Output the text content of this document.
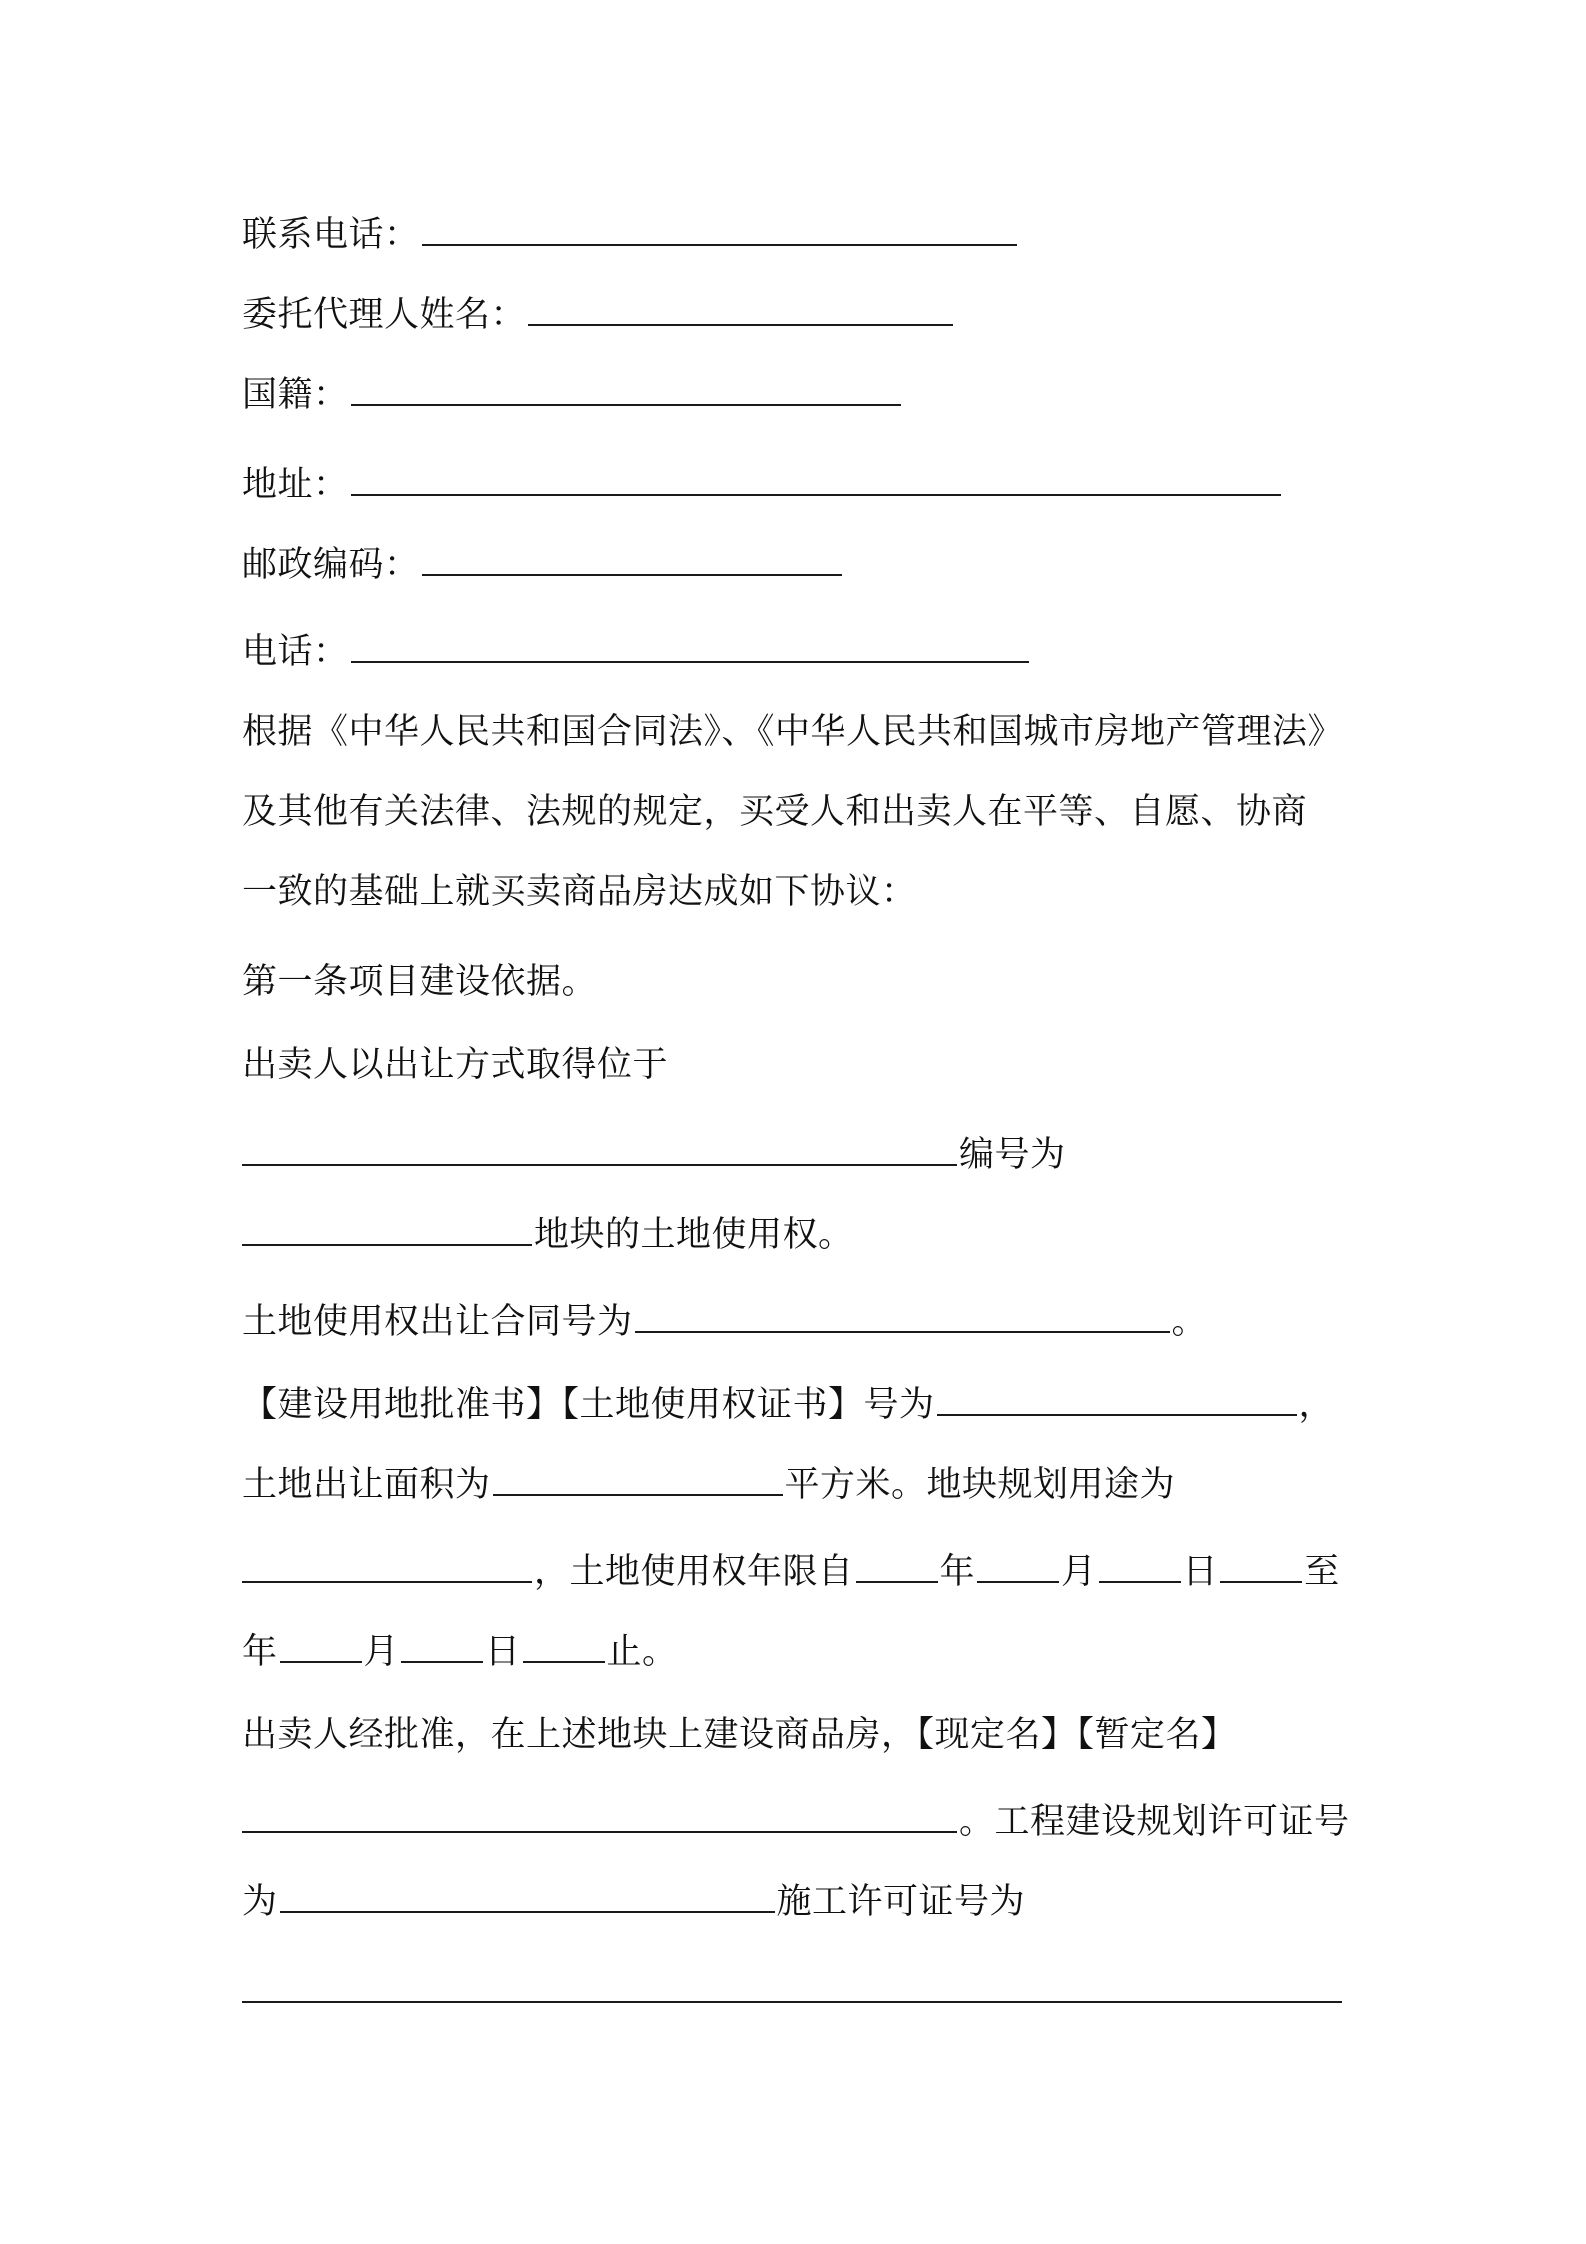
联系电话：
委托代理人姓名：
国籍：
地址：
邮政编码：
电话：
根据《中华人民共和国合同法》、《中华人民共和国城市房地产管理法》
及其他有关法律、法规的规定，买受人和出卖人在平等、自愿、协商
一致的基础上就买卖商品房达成如下协议：
第一条项目建设依据。
出卖人以出让方式取得位于
编号为
地块的土地使用权。
土地使用权出让合同号为	。
【建设用地批准书】【土地使用权证书】号为	，
土地出让面积为	平方米。地块规划用途为
，土地使用权年限自 年 月 日 至
年 月 日 止。
出卖人经批准，在上述地块上建设商品房，【现定名】【暂定名】
。工程建设规划许可证号
为	施工许可证号为
